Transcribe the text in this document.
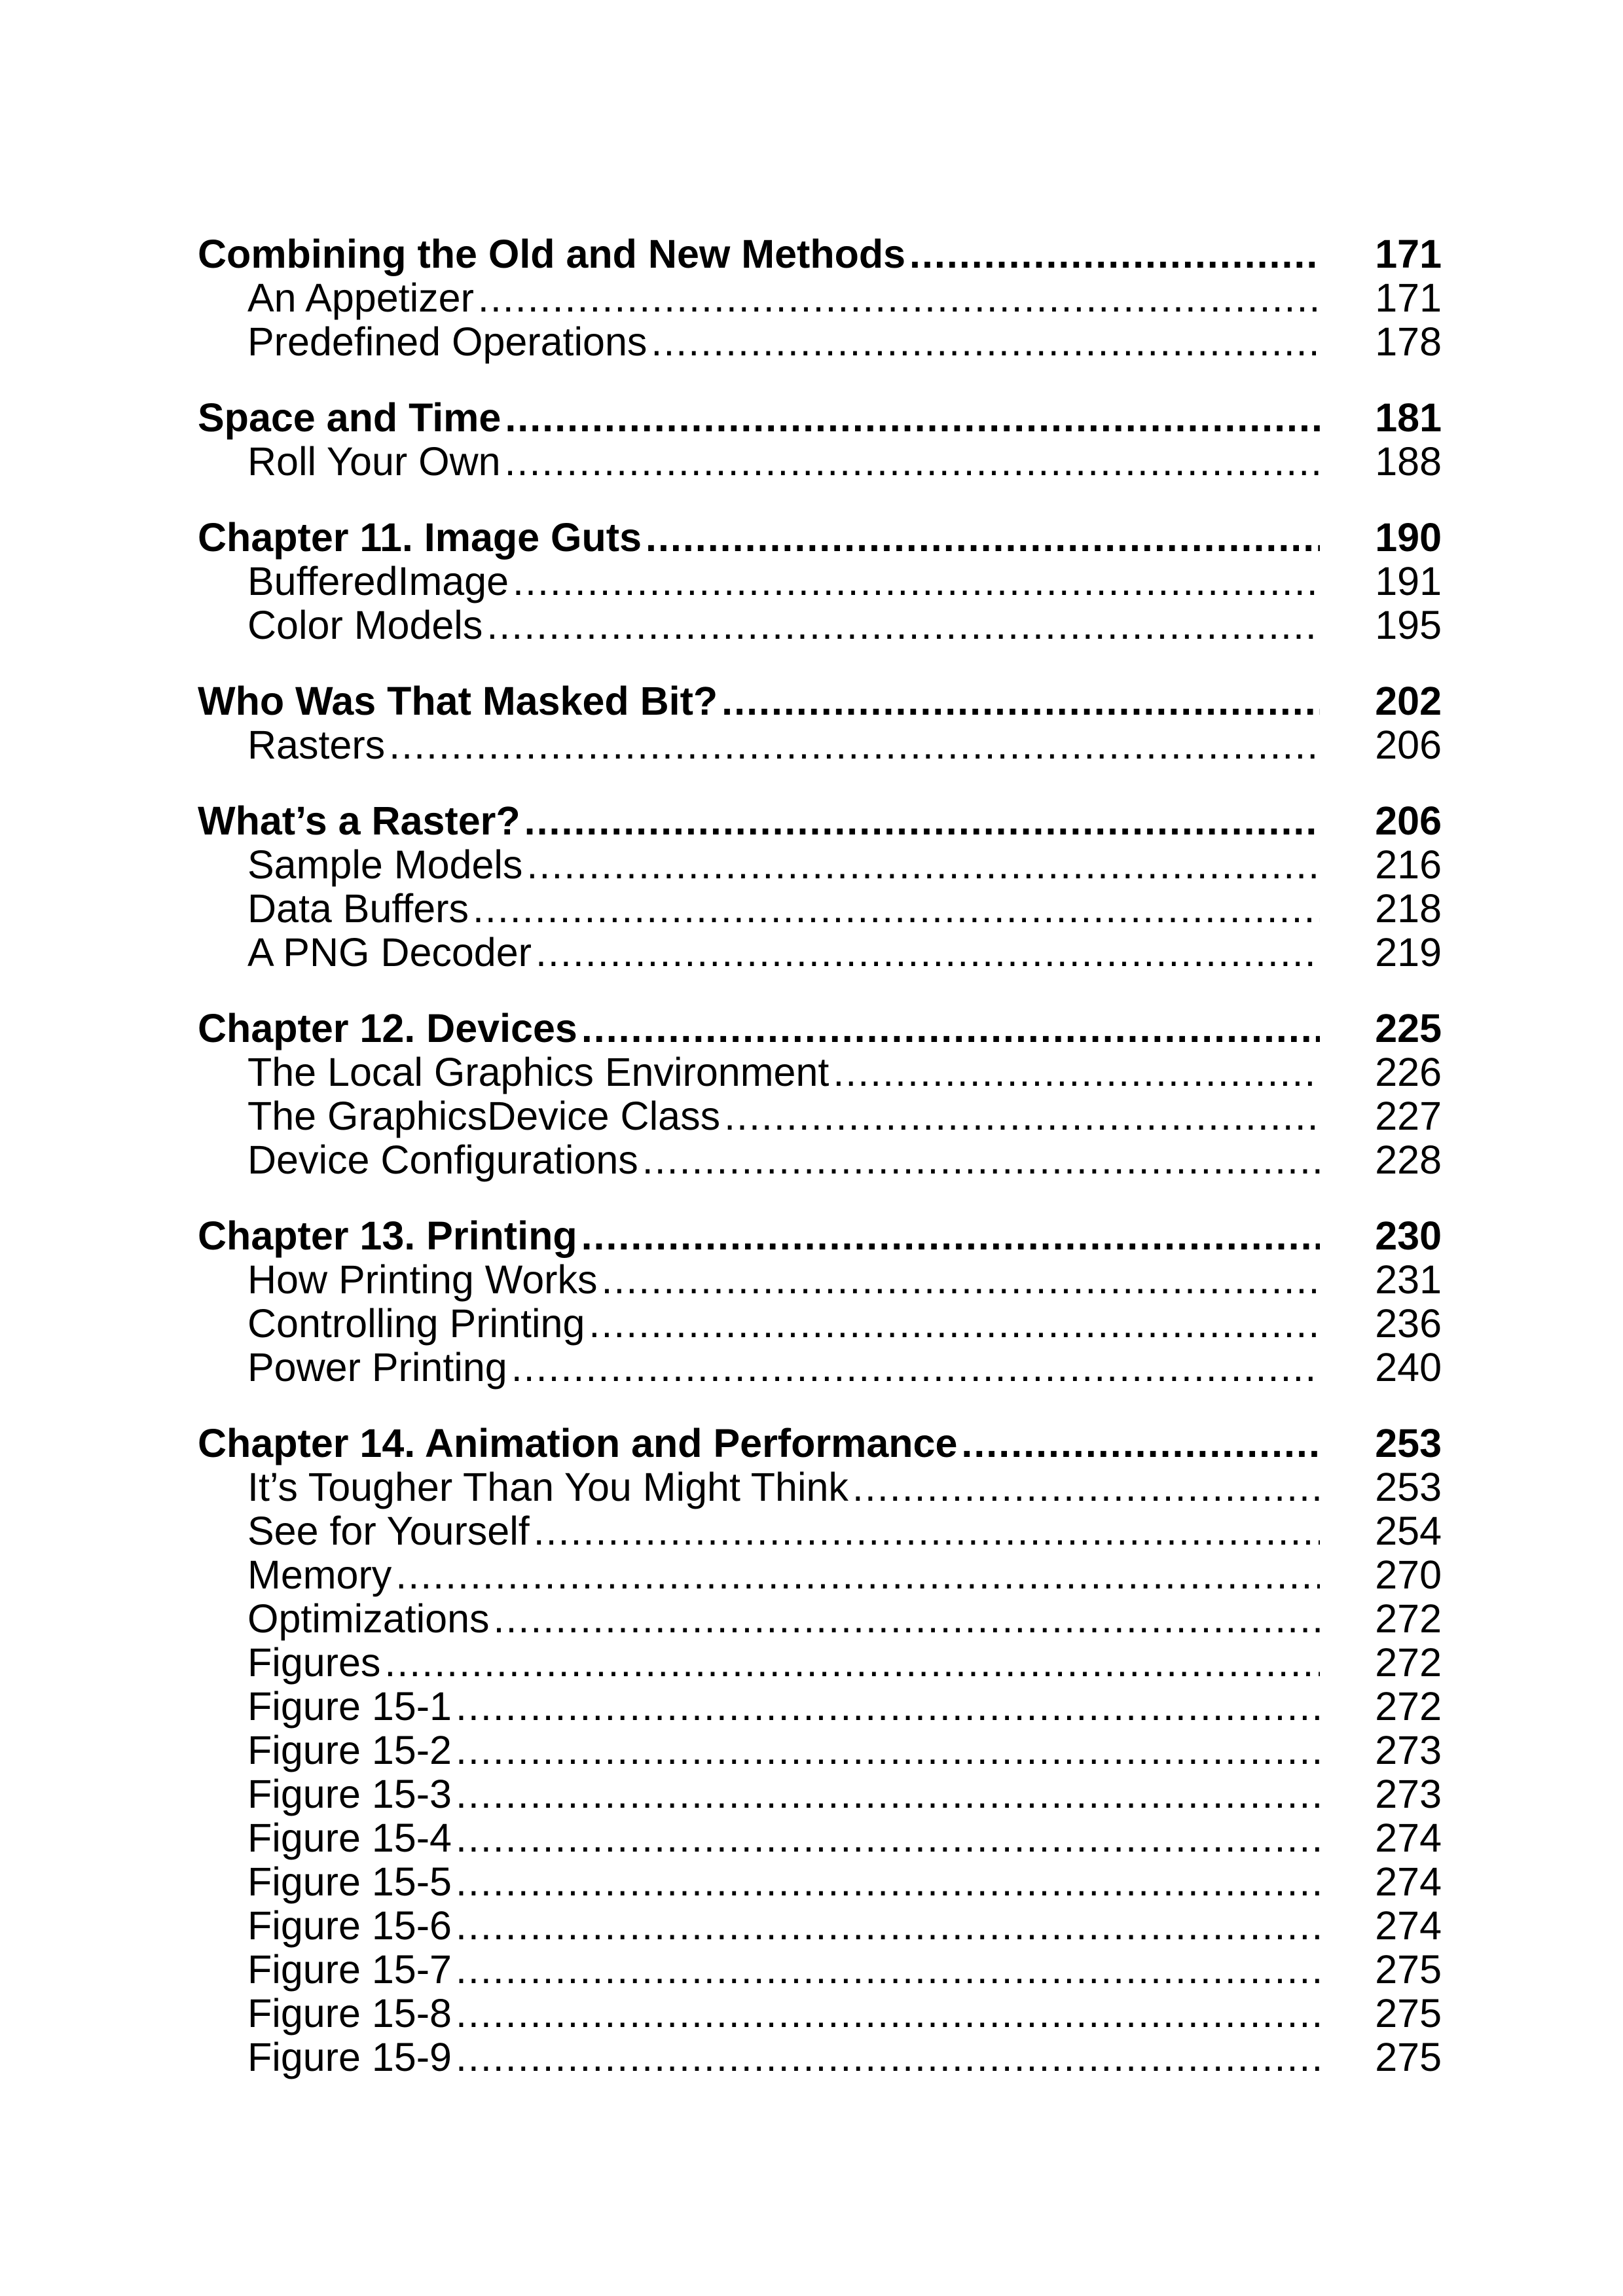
Combining the Old and New Methods .....	171
An Appetizer .....	171
Predefined Operations .....	178
Space and Time .....	181
Roll Your Own .....	188
Chapter 11. Image Guts .....	190
BufferedImage .....	191
Color Models .....	195
Who Was That Masked Bit? .....	202
Rasters .....	206
What’s a Raster? .....	206
Sample Models .....	216
Data Buffers .....	218
A PNG Decoder .....	219
Chapter 12. Devices .....	225
The Local Graphics Environment .....	226
The GraphicsDevice Class .....	227
Device Configurations .....	228
Chapter 13. Printing .....	230
How Printing Works .....	231
Controlling Printing .....	236
Power Printing .....	240
Chapter 14. Animation and Performance .....	253
It’s Tougher Than You Might Think .....	253
See for Yourself .....	254
Memory .....	270
Optimizations .....	272
Figures .....	272
Figure 15-1 .....	272
Figure 15-2 .....	273
Figure 15-3 .....	273
Figure 15-4 .....	274
Figure 15-5 .....	274
Figure 15-6 .....	274
Figure 15-7 .....	275
Figure 15-8 .....	275
Figure 15-9 .....	275
